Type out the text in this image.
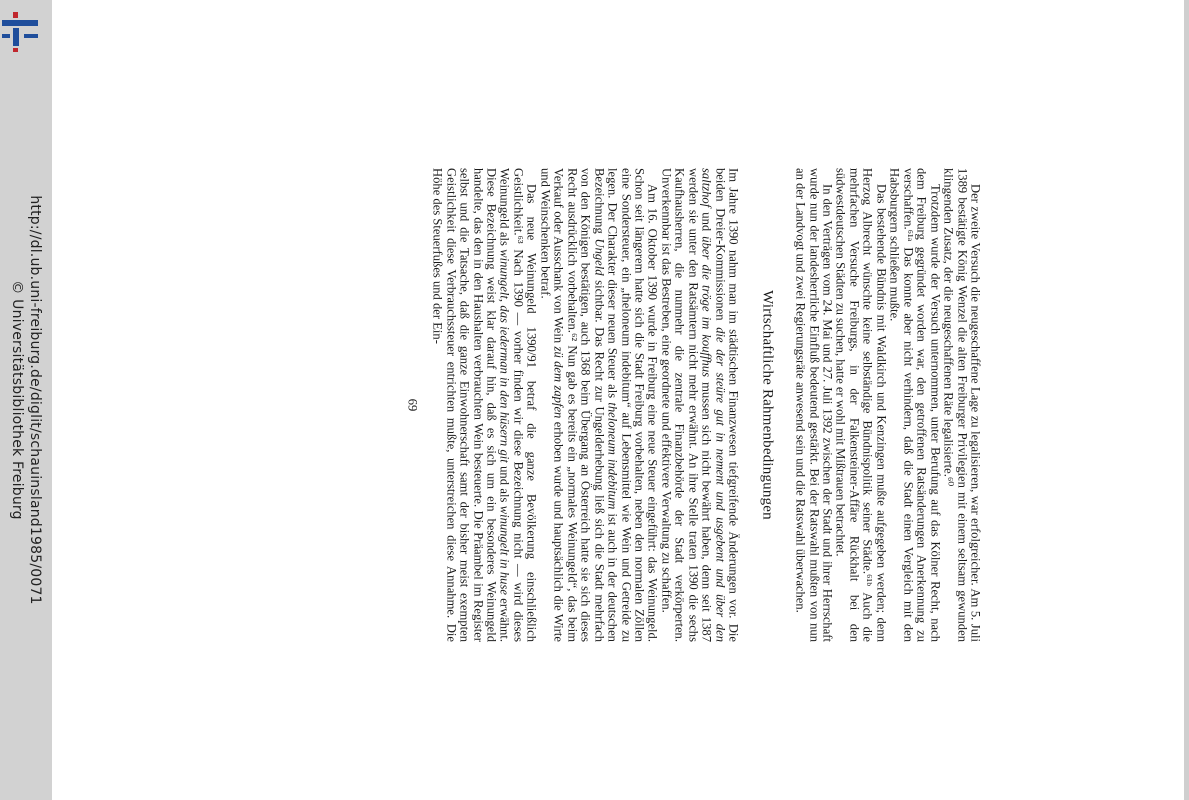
http://dl.ub.uni-freiburg.de/diglit/schauinsland1985/0071
© Universitätsbibliothek Freiburg	Der zweite Versuch die neugeschaffene Lage zu legalisieren, war erfolgreicher. Am 5. Juli 1389 bestätigte König Wenzel die alten Freiburger Privilegien mit einem seltsam gewunden klingenden Zusatz, der die neugeschaffenen Räte legalisierte.⁶⁰

Trotzdem wurde der Versuch unternommen, unter Berufung auf das Kölner Recht, nach dem Freiburg gegründet worden war, den getroffenen Ratsänderungen Anerkennung zu verschaffen.⁶¹ᵃ Das konnte aber nicht verhindern, daß die Stadt einen Vergleich mit den Habsburgern schließen mußte.

Das bestehende Bündnis mit Waldkirch und Kenzingen mußte aufgegeben werden; denn Herzog Albrecht wünschte keine selbständige Bündnispolitik seiner Städte.⁶¹ᵇ Auch die mehrfachen Versuche Freiburgs, in der Falkensteiner-Affäre Rückhalt bei den südwestdeutschen Städten zu suchen, hatte er wohl mit Mißtrauen betrachtet.

In den Verträgen vom 24. Mai und 27. Juli 1392 zwischen der Stadt und ihrer Herrschaft wurde nun der landesherrliche Einfluß bedeutend gestärkt. Bei der Ratswahl mußten von nun an der Landvogt und zwei Regierungsräte anwesend sein und die Ratswahl überwachen.

Wirtschaftliche Rahmenbedingungen

Im Jahre 1390 nahm man im städtischen Finanzwesen tiefgreifende Änderungen vor. Die beiden Dreier-Kommissionen die der steüre gut in nement und usgebent und über den saltzhof und über die tröge im kouffhus mussen sich nicht bewährt haben, denn seit 1387 werden sie unter den Ratsämtern nicht mehr erwähnt. An ihre Stelle traten 1390 die sechs Kaufhausherren, die nunmehr die zentrale Finanzbehörde der Stadt verkörperten. Unverkennbar ist das Bestreben, eine geordnete und effektivere Verwaltung zu schaffen.

Am 16. Oktober 1390 wurde in Freiburg eine neue Steuer eingeführt: das Weinungeld. Schon seit längerem hatte sich die Stadt Freiburg vorbehalten, neben den normalen Zöllen eine Sondersteuer, ein „theloneum indebitum“ auf Lebensmittel wie Wein und Getreide zu legen. Der Charakter dieser neuen Steuer als theloneum indebitum ist auch in der deutschen Bezeichnung Ungeld sichtbar. Das Recht zur Ungelderhebung ließ sich die Stadt mehrfach von den Königen bestätigen, auch 1368 beim Übergang an Österreich hatte sie sich dieses Recht ausdrücklich vorbehalten.⁶² Nun gab es bereits ein „normales Weinungeld“, das beim Verkauf oder Ausschank von Wein zü dem zapfen erhoben wurde und hauptsächlich die Wirte und Weinschenken betraf.

Das neue Weinungeld 1390/91 betraf die ganze Bevölkerung einschließlich Geistlichkeit.⁶³ Nach 1390 — vorher finden wir diese Bezeichnung nicht — wird dieses Weinungeld als winungelt, das iederman in den hüsern git und als winungelt in huse erwähnt. Diese Bezeichnung weist klar darauf hin, daß es sich um ein besonderes Weinungeld handelte, das den in den Haushalten verbrauchten Wein besteuerte. Die Präambel im Register selbst und die Tatsache, daß die ganze Einwohnerschaft samt der bisher meist exempten Geistlichkeit diese Verbrauchssteuer entrichten mußte, unterstreichen diese Annahme. Die Höhe des Steuerfußes und der Ein-

69
